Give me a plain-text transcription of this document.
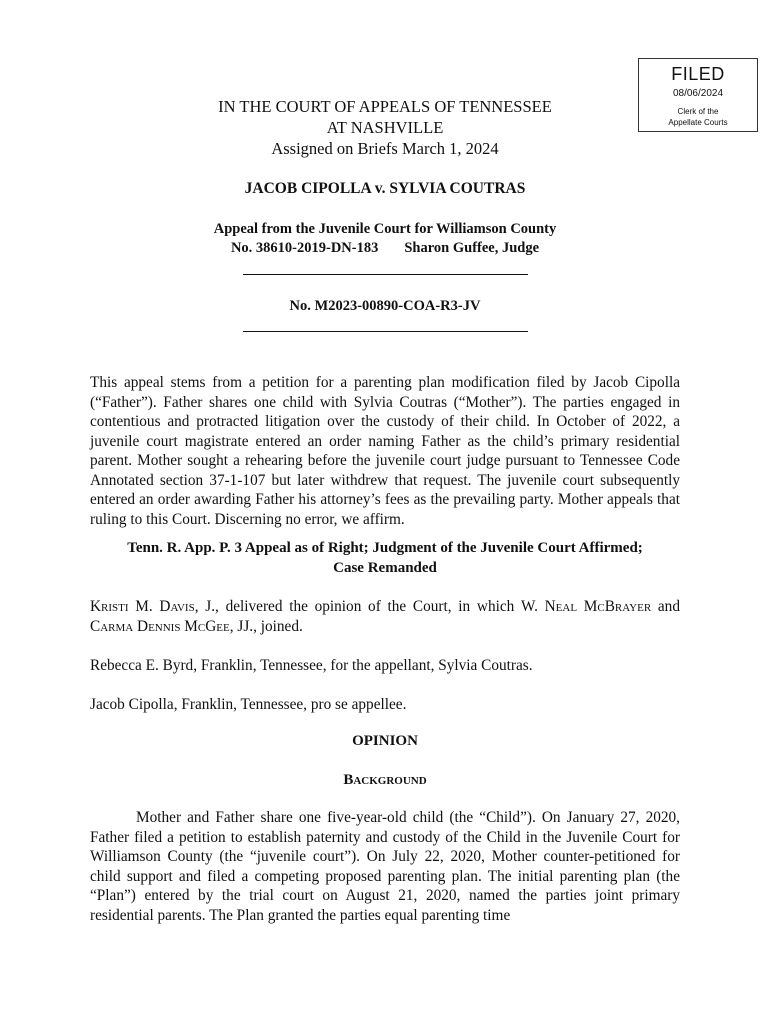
FILED
08/06/2024
Clerk of the
Appellate Courts
IN THE COURT OF APPEALS OF TENNESSEE
AT NASHVILLE
Assigned on Briefs March 1, 2024
JACOB CIPOLLA v. SYLVIA COUTRAS
Appeal from the Juvenile Court for Williamson County
No. 38610-2019-DN-183 Sharon Guffee, Judge
No. M2023-00890-COA-R3-JV

This appeal stems from a petition for a parenting plan modification filed by Jacob Cipolla (“Father”). Father shares one child with Sylvia Coutras (“Mother”). The parties engaged in contentious and protracted litigation over the custody of their child. In October of 2022, a juvenile court magistrate entered an order naming Father as the child’s primary residential parent. Mother sought a rehearing before the juvenile court judge pursuant to Tennessee Code Annotated section 37-1-107 but later withdrew that request. The juvenile court subsequently entered an order awarding Father his attorney’s fees as the prevailing party. Mother appeals that ruling to this Court. Discerning no error, we affirm.

Tenn. R. App. P. 3 Appeal as of Right; Judgment of the Juvenile Court Affirmed;
Case Remanded

Kristi M. Davis, J., delivered the opinion of the Court, in which W. Neal McBrayer and Carma Dennis McGee, JJ., joined.

Rebecca E. Byrd, Franklin, Tennessee, for the appellant, Sylvia Coutras.

Jacob Cipolla, Franklin, Tennessee, pro se appellee.

OPINION
Background

Mother and Father share one five-year-old child (the “Child”). On January 27, 2020, Father filed a petition to establish paternity and custody of the Child in the Juvenile Court for Williamson County (the “juvenile court”). On July 22, 2020, Mother counter-petitioned for child support and filed a competing proposed parenting plan. The initial parenting plan (the “Plan”) entered by the trial court on August 21, 2020, named the parties joint primary residential parents. The Plan granted the parties equal parenting time
